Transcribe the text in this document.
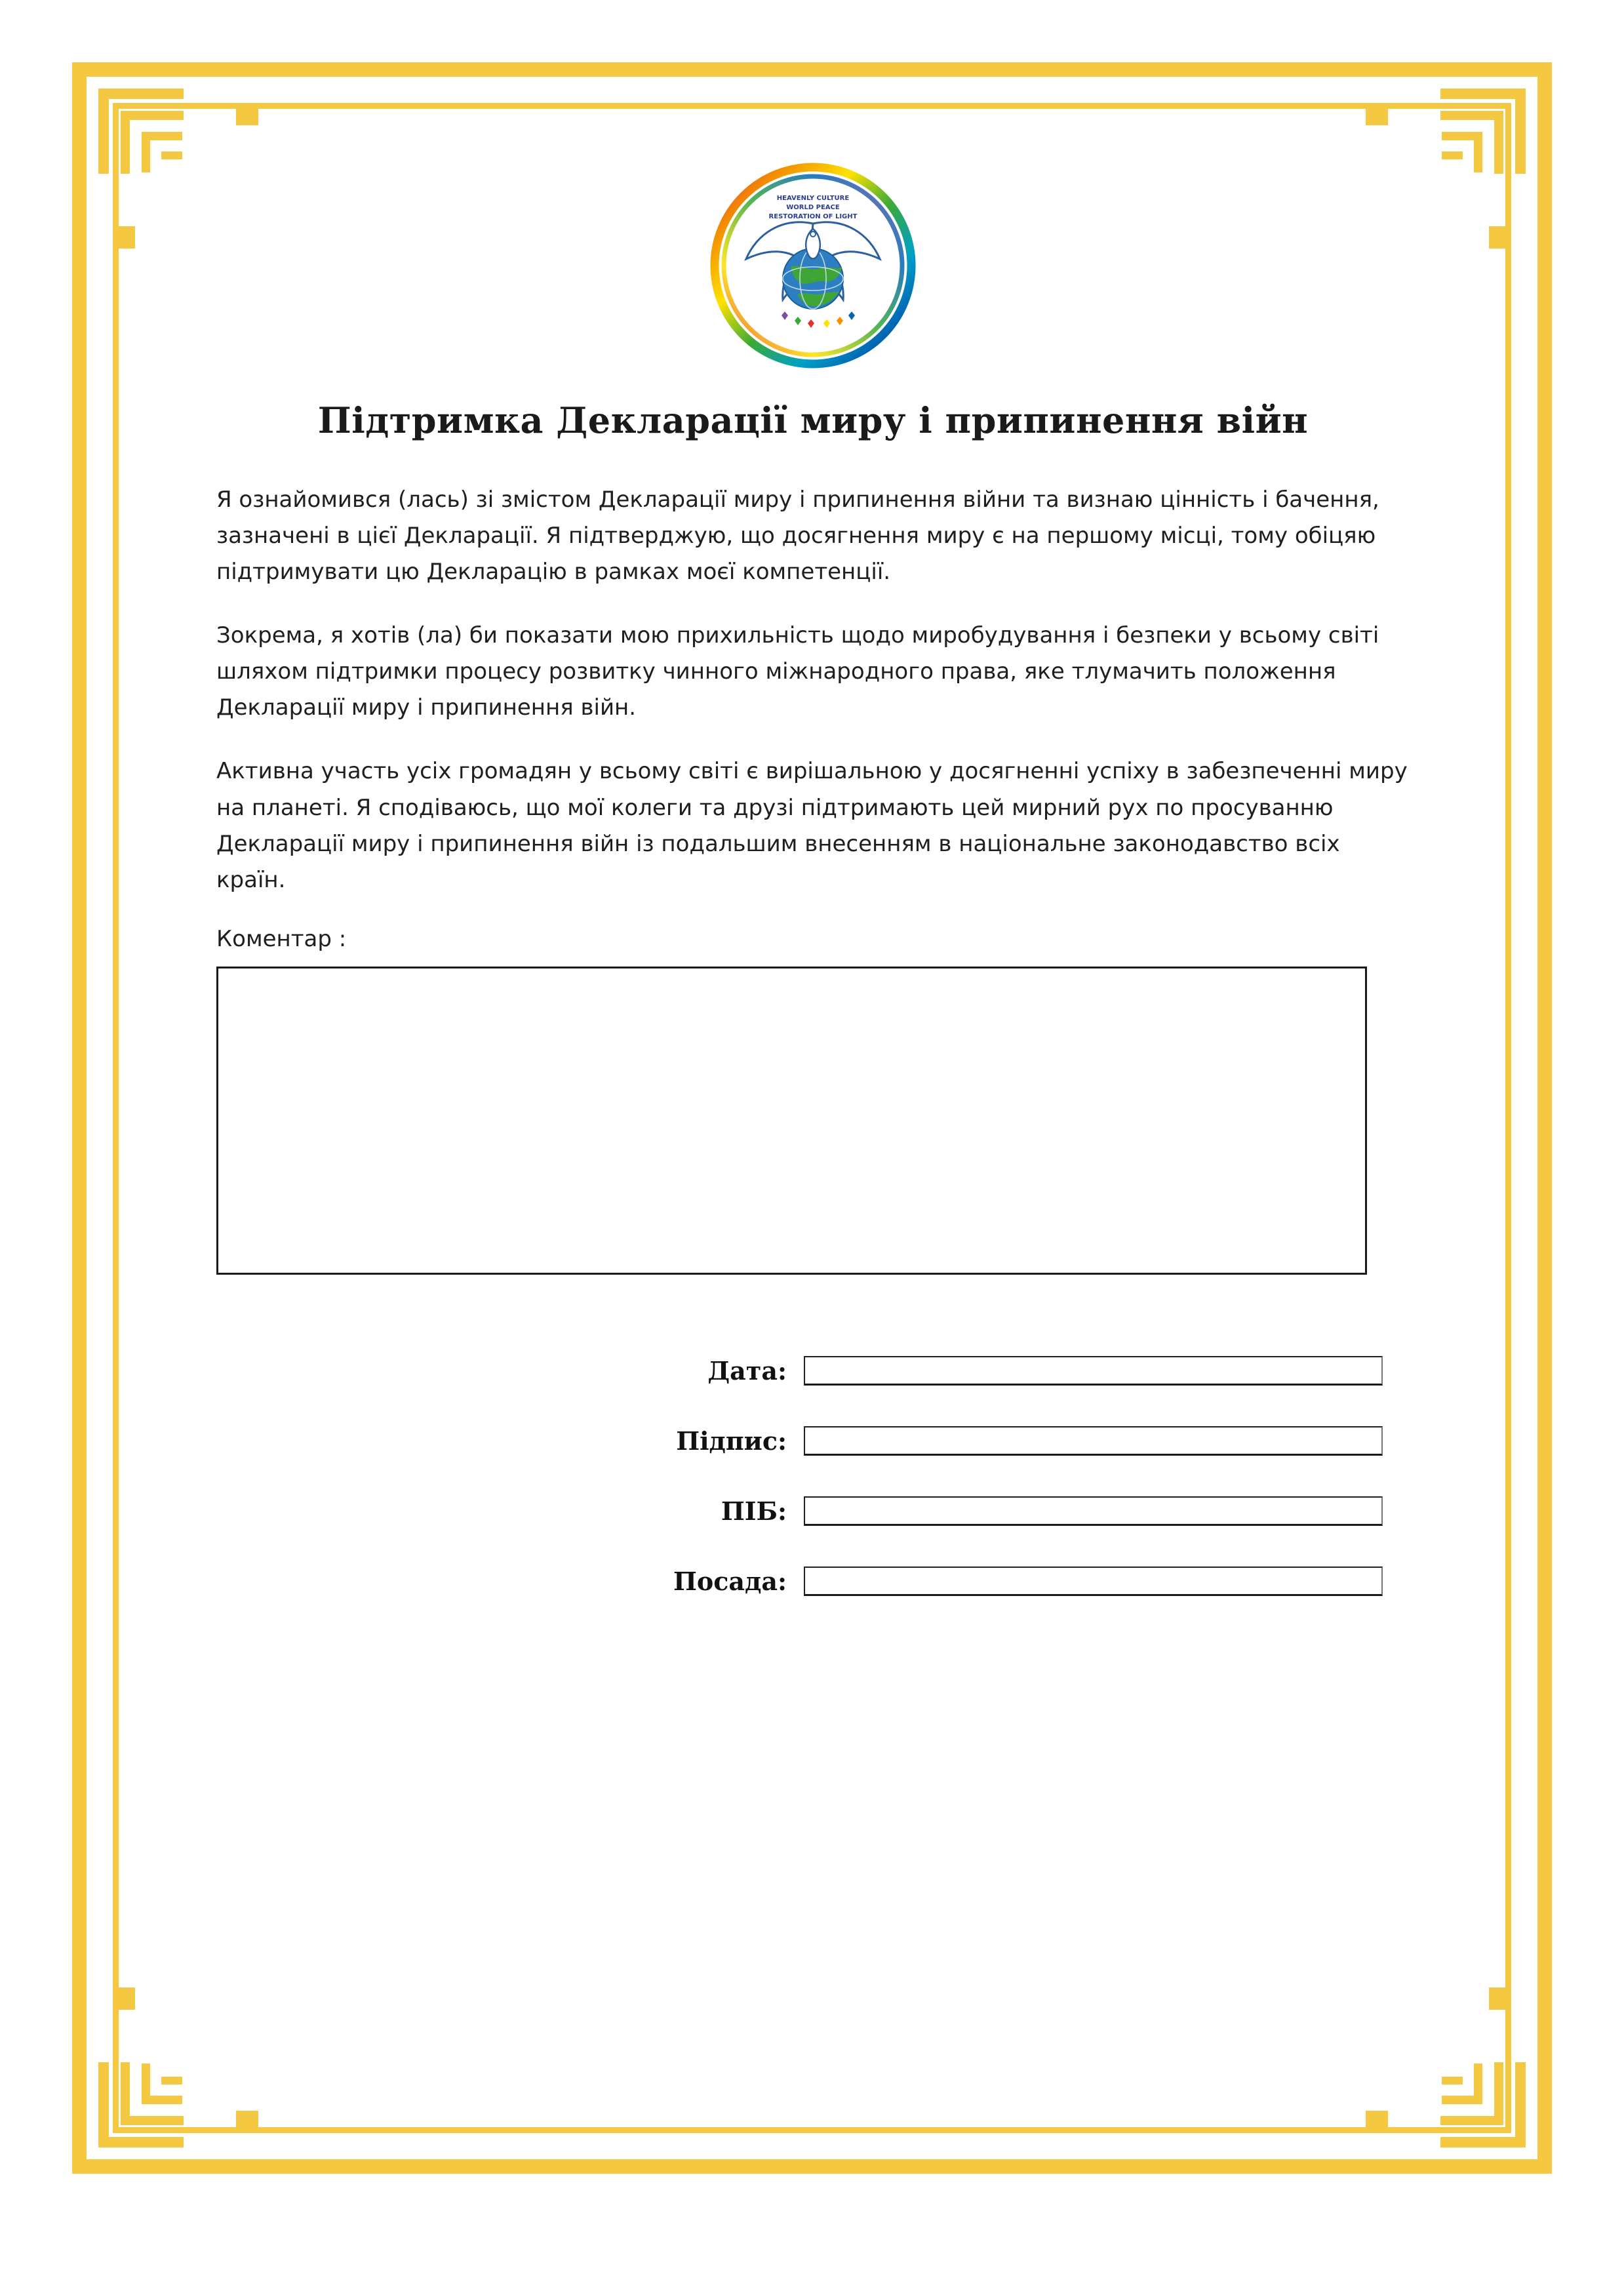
HEAVENLY CULTURE
WORLD PEACE
RESTORATION OF LIGHT
Підтримка Декларації миру і припинення війн

Я ознайомився (лась) зі змістом Декларації миру і припинення війни та визнаю цінність і бачення, зазначені в цієї Декларації. Я підтверджую, що досягнення миру є на першому місці, тому обіцяю підтримувати цю Декларацію в рамках моєї компетенції.

Зокрема, я хотів (ла) би показати мою прихильність щодо миробудування і безпеки у всьому світі шляхом підтримки процесу розвитку чинного міжнародного права, яке тлумачить положення Декларації миру і припинення війн.

Активна участь усіх громадян у всьому світі є вирішальною у досягненні успіху в забезпеченні миру на планеті. Я сподіваюсь, що мої колеги та друзі підтримають цей мирний рух по просуванню Декларації миру і припинення війн із подальшим внесенням в національне законодавство всіх країн.

Коментар :
Дата:
Підпис:
ПІБ:
Посада:
